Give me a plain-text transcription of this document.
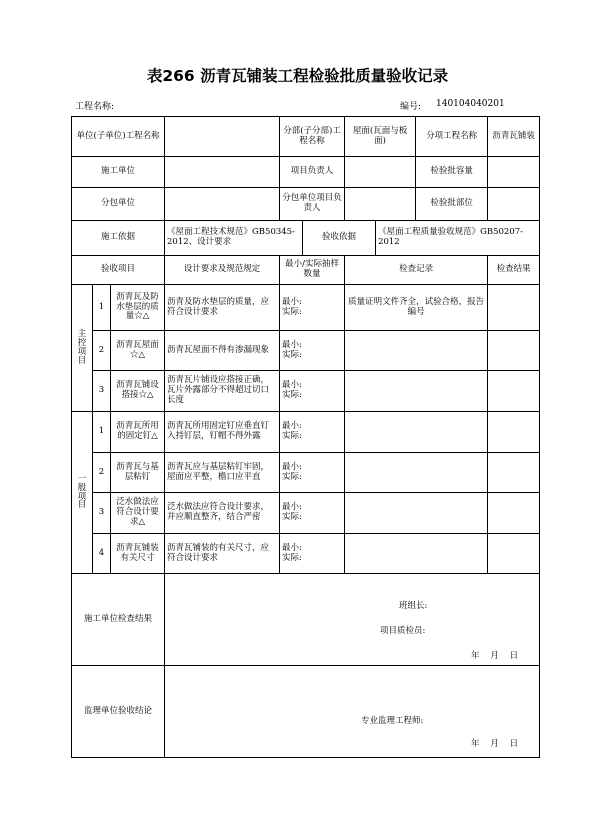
表266 沥青瓦铺装工程检验批质量验收记录
工程名称:	编号: 140104040201
单位(子单位)工程名称				分部(子分部)工程名称		屋面(瓦面与板面)		分项工程名称	沥青瓦铺装
施工单位				项目负责人				检验批容量	
分包单位				分包单位项目负责人				检验批部位	
施工依据			《屋面工程技术规范》GB50345-2012、设计要求		验收依据		《屋面工程质量验收规范》GB50207-2012		
验收项目			设计要求及规范规定	最小/实际抽样数量		检查记录			检查结果

主控项目	1	沥青瓦及防水垫层的质量☆△	沥青及防水垫层的质量，应符合设计要求	最小:
实际:		质量证明文件齐全，试验合格，报告编号			
	2	沥青瓦屋面☆△	沥青瓦屋面不得有渗漏现象	最小:
实际:					

	3	沥青瓦铺设搭接☆△	沥青瓦片铺设应搭接正确，瓦片外露部分不得超过切口长度	最小:
实际:					

一般项目	1	沥青瓦所用的固定钉△	沥青瓦所用固定钉应垂直钉入持钉层，钉帽不得外露	最小:
实际:					

	2	沥青瓦与基层粘钉	沥青瓦应与基层粘钉牢固，屋面应平整，檐口应平直	最小:
实际:					

	3	泛水做法应符合设计要求△	泛水做法应符合设计要求，并应顺直整齐，结合严密	最小:
实际:					

	4	沥青瓦铺装有关尺寸	沥青瓦铺装的有关尺寸，应符合设计要求	最小:
实际:					

施工单位检查结果			班组长:
项目质检员:
年    月    日						

监理单位验收结论			专业监理工程师:
年    月    日						
